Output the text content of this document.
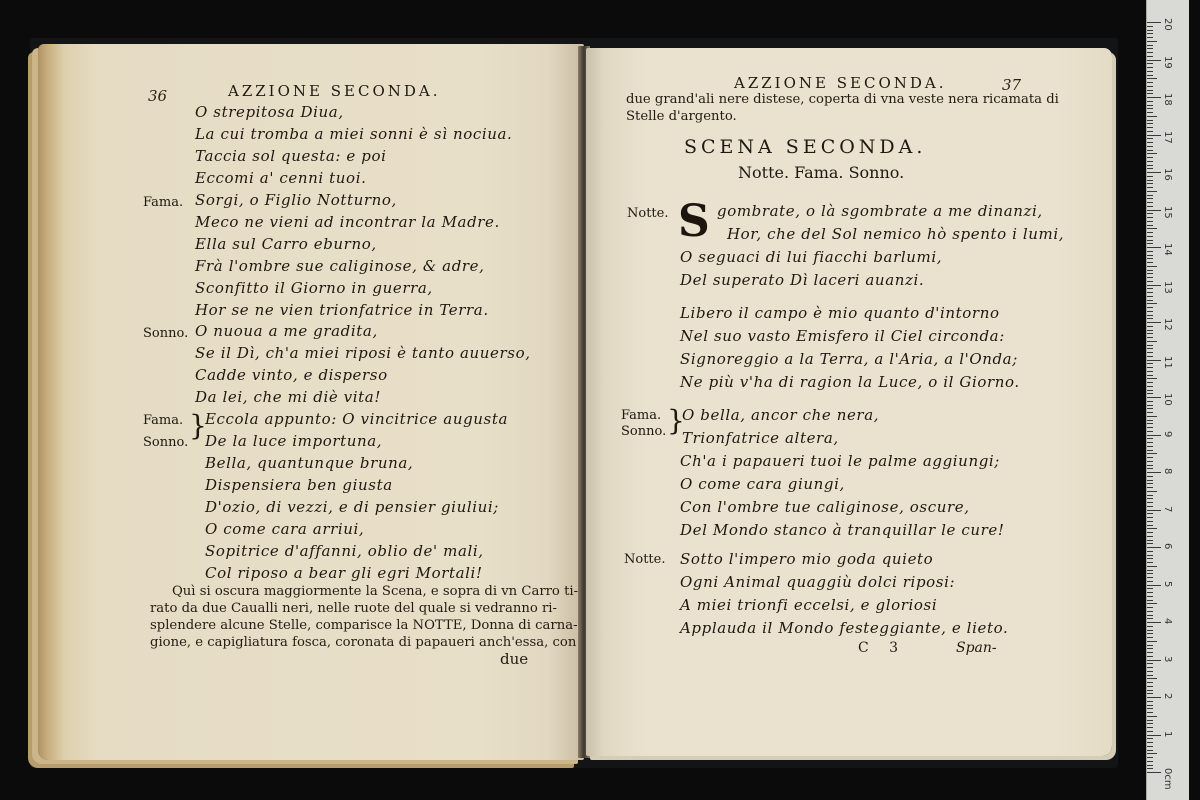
36	AZZIONE SECONDA.
O strepitosa Diua,
La cui tromba a miei sonni è sì nociua.
Taccia sol questa: e poi
Eccomi a' cenni tuoi.
Fama. Sorgi, o Figlio Notturno,
Meco ne vieni ad incontrar la Madre.
Ella sul Carro eburno,
Frà l'ombre sue caliginose, & adre,
Sconfitto il Giorno in guerra,
Hor se ne vien trionfatrice in Terra.
Sonno. O nuoua a me gradita,
Se il Dì, ch'a miei riposi è tanto auuerso,
Cadde vinto, e disperso
Da lei, che mi diè vita!
Fama.
Sonno.
}
Eccola appunto: O vincitrice augusta
De la luce importuna,
Bella, quantunque bruna,
Dispensiera ben giusta
D'ozio, di vezzi, e di pensier giuliui;
O come cara arriui,
Sopitrice d'affanni, oblio de' mali,
Col riposo a bear gli egri Mortali!
Quì si oscura maggiormente la Scena, e sopra di vn Carro ti-
rato da due Caualli neri, nelle ruote del quale si vedranno ri-
splendere alcune Stelle, comparisce la NOTTE, Donna di carna-
gione, e capigliatura fosca, coronata di papaueri anch'essa, con
due
AZZIONE SECONDA.	37
due grand'ali nere distese, coperta di vna veste nera ricamata di
Stelle d'argento.
SCENA SECONDA.
Notte. Fama. Sonno.
Notte. S gombrate, o là sgombrate a me dinanzi,
Hor, che del Sol nemico hò spento i lumi,
O seguaci di lui fiacchi barlumi,
Del superato Dì laceri auanzi.
Libero il campo è mio quanto d'intorno
Nel suo vasto Emisfero il Ciel circonda:
Signoreggio a la Terra, a l'Aria, a l'Onda;
Ne più v'ha di ragion la Luce, o il Giorno.
Fama.
Sonno. }
O bella, ancor che nera,
Trionfatrice altera,
Ch'a i papaueri tuoi le palme aggiungi;
O come cara giungi,
Con l'ombre tue caliginose, oscure,
Del Mondo stanco à tranquillar le cure!
Notte. Sotto l'impero mio goda quieto
Ogni Animal quaggiù dolci riposi:
A miei trionfi eccelsi, e gloriosi
Applauda il Mondo festeggiante, e lieto.
C 3	Span-
20
19
18
17
16
15
14
13
12
11
10
9
8
7
6
5
4
3
2
1
0cm
